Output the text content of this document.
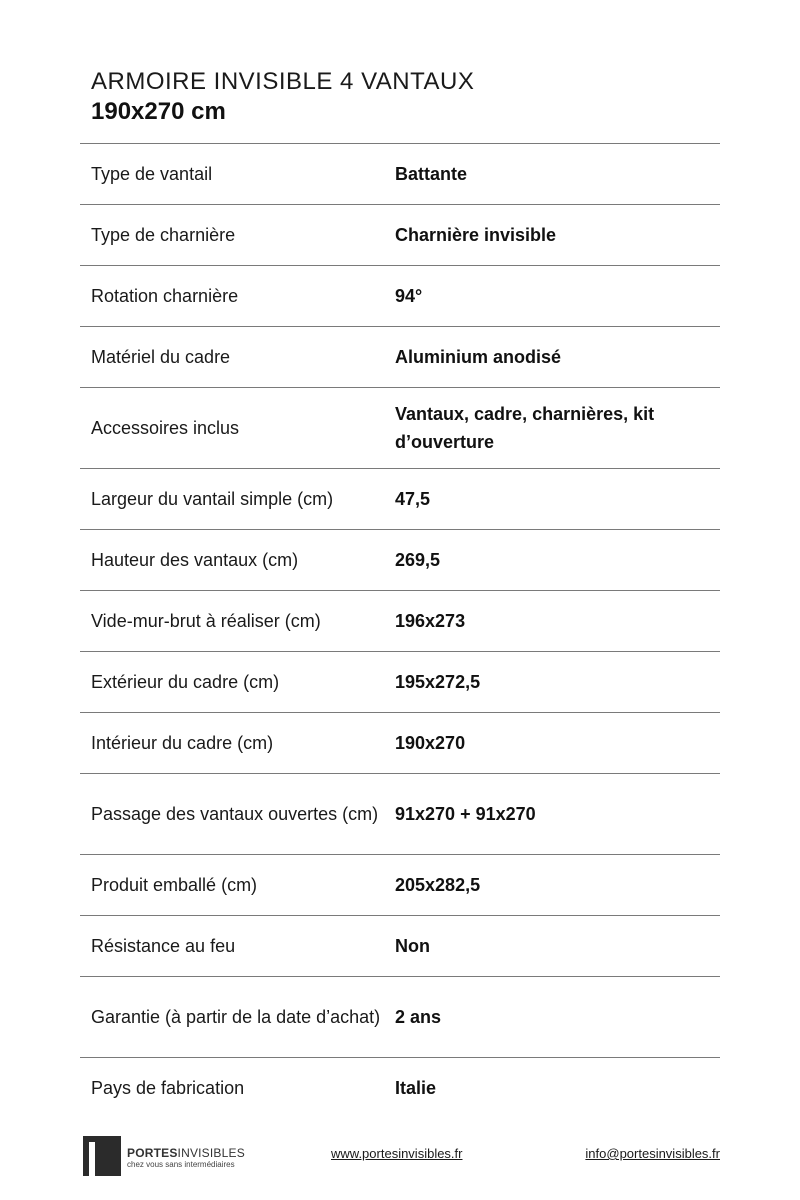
ARMOIRE INVISIBLE 4 VANTAUX
190x270 cm
Type de vantail	Battante
Type de charnière	Charnière invisible
Rotation charnière	94°
Matériel du cadre	Aluminium anodisé
Accessoires inclus	Vantaux, cadre, charnières, kit d’ouverture
Largeur du vantail simple (cm)	47,5
Hauteur des vantaux (cm)	269,5
Vide-mur-brut à réaliser (cm)	196x273
Extérieur du cadre (cm)	195x272,5
Intérieur du cadre (cm)	190x270
Passage des vantaux ouvertes (cm)	91x270 + 91x270
Produit emballé (cm)	205x282,5
Résistance au feu	Non
Garantie (à partir de la date d’achat)	2 ans
Pays de fabrication	Italie
PORTESINVISIBLES
chez vous sans intermédiaires
www.portesinvisibles.fr	info@portesinvisibles.fr
